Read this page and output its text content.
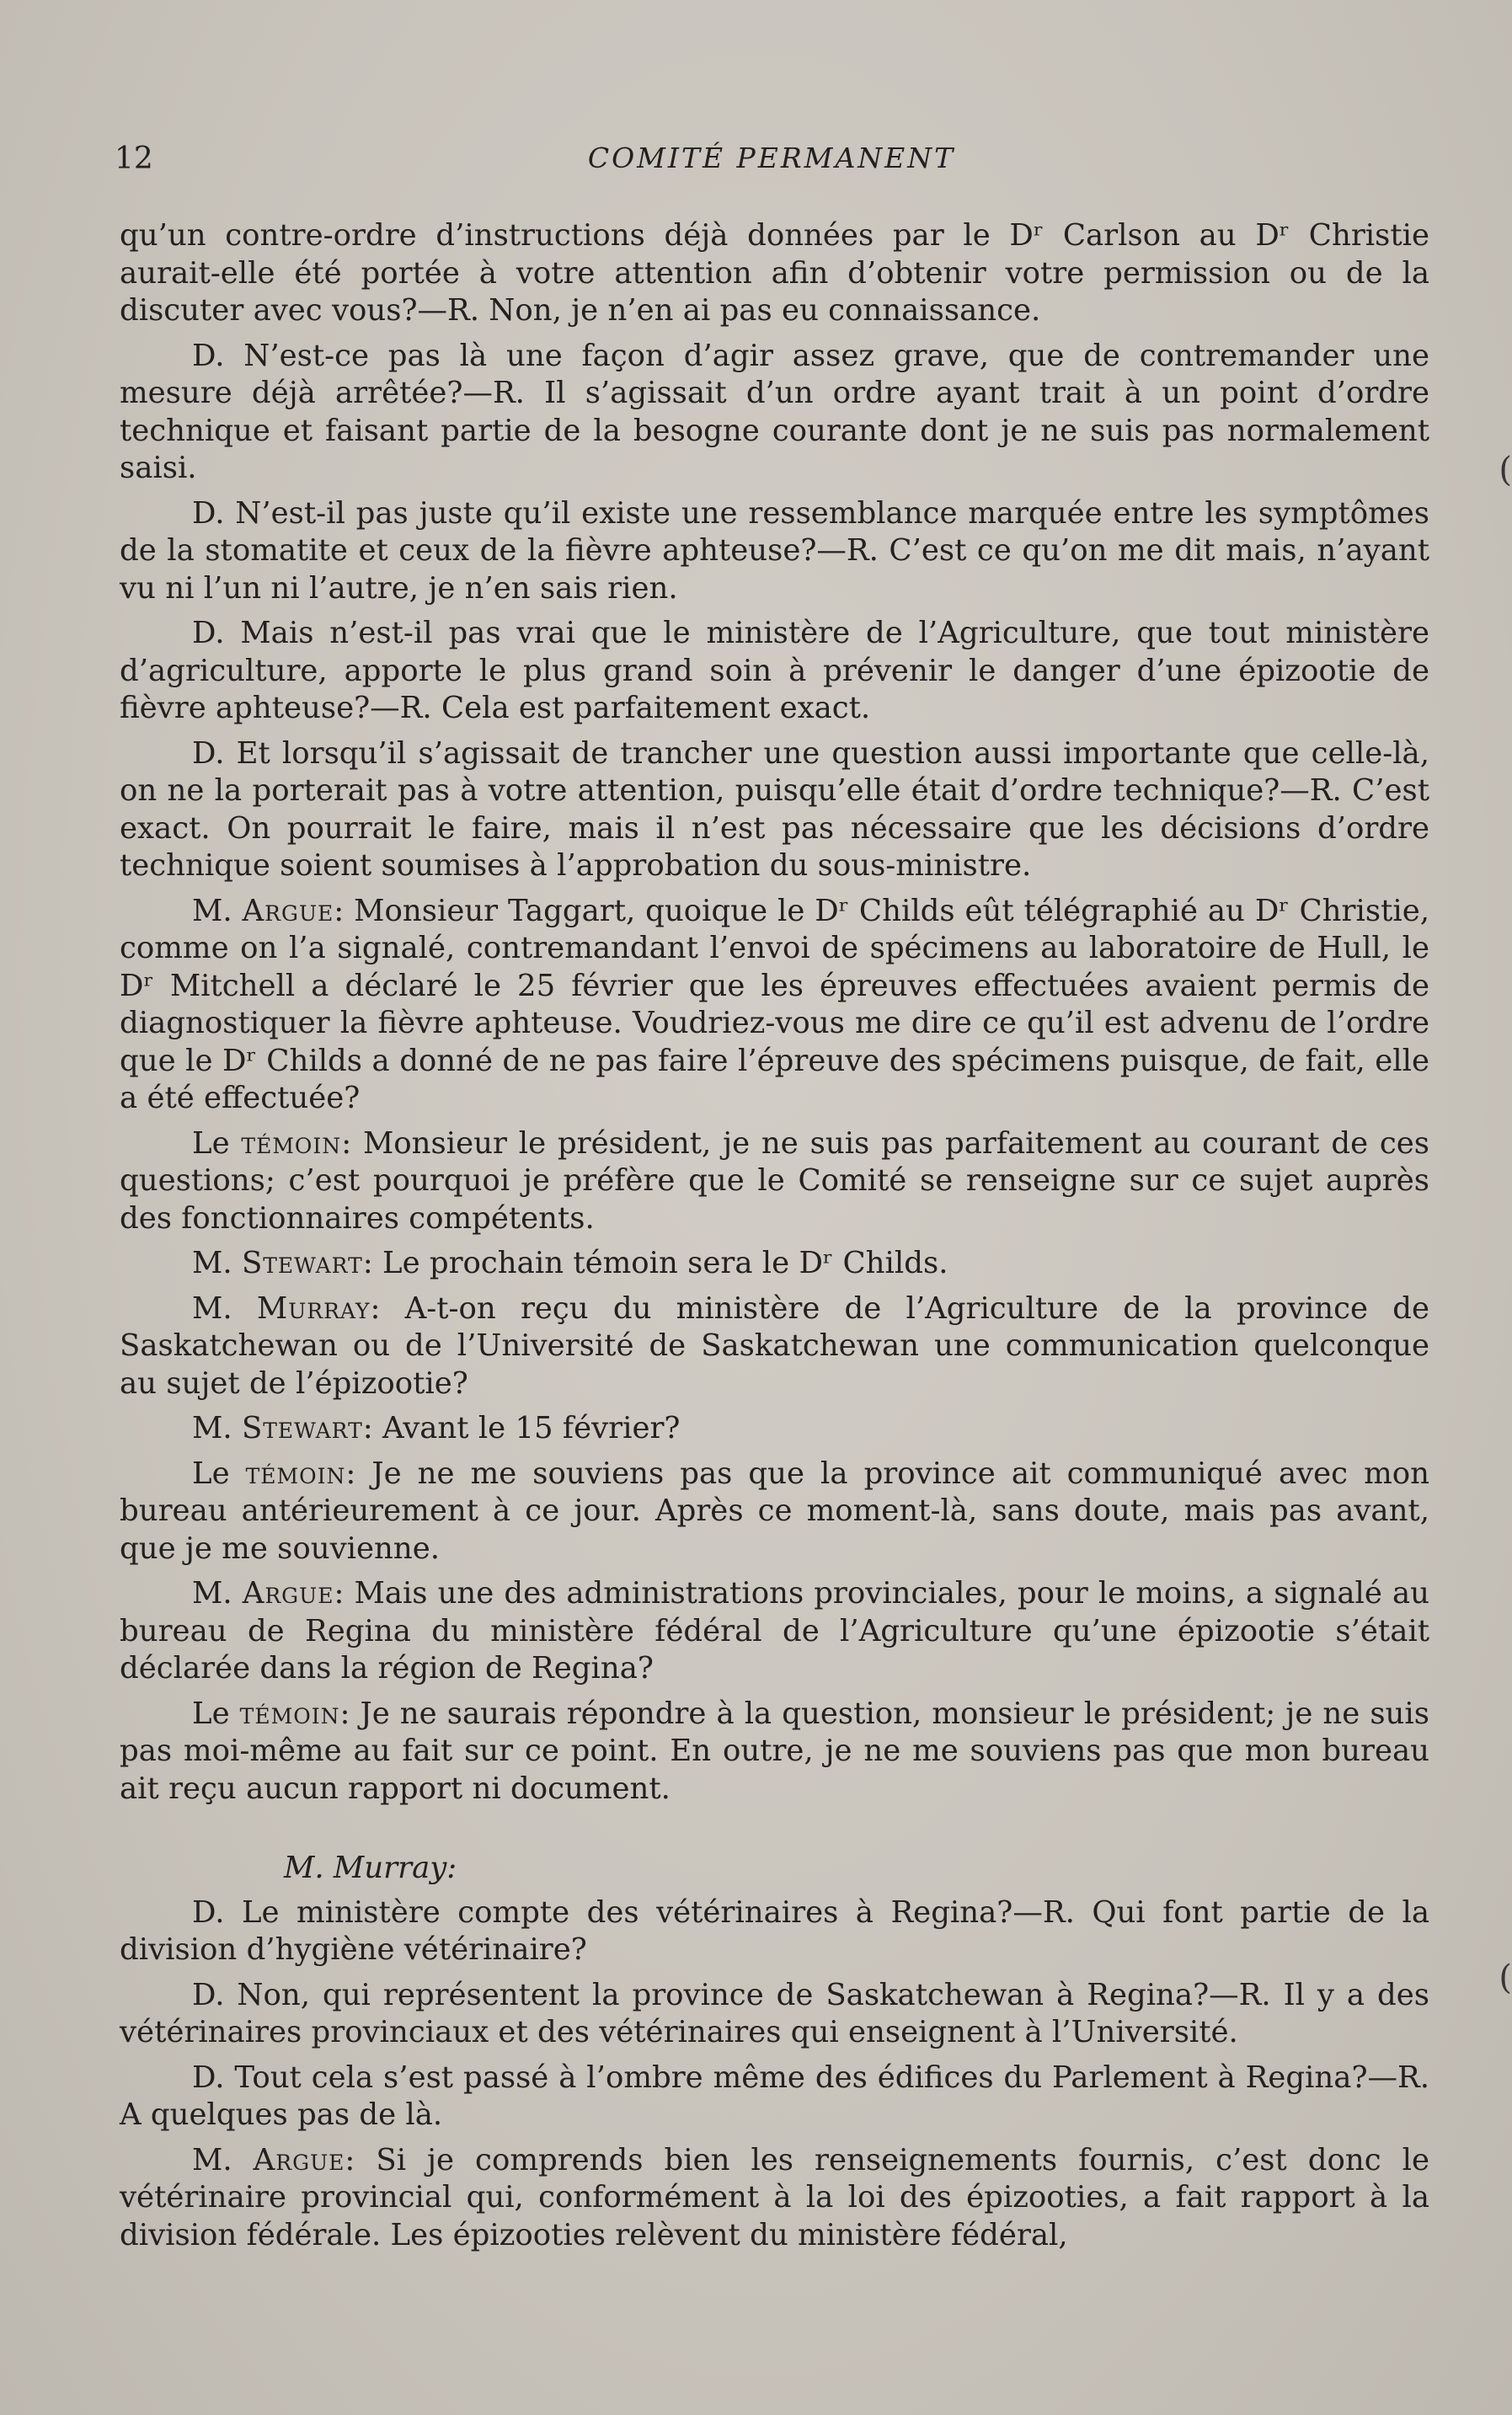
12	COMITÉ PERMANENT
(
(

qu’un contre-ordre d’instructions déjà données par le Dʳ Carlson au Dʳ Christie aurait-elle été portée à votre attention afin d’obtenir votre permission ou de la discuter avec vous?—R. Non, je n’en ai pas eu connaissance.

D. N’est-ce pas là une façon d’agir assez grave, que de contremander une mesure déjà arrêtée?—R. Il s’agissait d’un ordre ayant trait à un point d’ordre technique et faisant partie de la besogne courante dont je ne suis pas normalement saisi.

D. N’est-il pas juste qu’il existe une ressemblance marquée entre les symptômes de la stomatite et ceux de la fièvre aphteuse?—R. C’est ce qu’on me dit mais, n’ayant vu ni l’un ni l’autre, je n’en sais rien.

D. Mais n’est-il pas vrai que le ministère de l’Agriculture, que tout ministère d’agriculture, apporte le plus grand soin à prévenir le danger d’une épizootie de fièvre aphteuse?—R. Cela est parfaitement exact.

D. Et lorsqu’il s’agissait de trancher une question aussi importante que celle-là, on ne la porterait pas à votre attention, puisqu’elle était d’ordre technique?—R. C’est exact. On pourrait le faire, mais il n’est pas nécessaire que les décisions d’ordre technique soient soumises à l’approbation du sous-ministre.

M. Argue: Monsieur Taggart, quoique le Dʳ Childs eût télégraphié au Dʳ Christie, comme on l’a signalé, contremandant l’envoi de spécimens au laboratoire de Hull, le Dʳ Mitchell a déclaré le 25 février que les épreuves effectuées avaient permis de diagnostiquer la fièvre aphteuse. Voudriez-vous me dire ce qu’il est advenu de l’ordre que le Dʳ Childs a donné de ne pas faire l’épreuve des spécimens puisque, de fait, elle a été effectuée?

Le témoin: Monsieur le président, je ne suis pas parfaitement au courant de ces questions; c’est pourquoi je préfère que le Comité se renseigne sur ce sujet auprès des fonctionnaires compétents.

M. Stewart: Le prochain témoin sera le Dʳ Childs.

M. Murray: A-t-on reçu du ministère de l’Agriculture de la province de Saskatchewan ou de l’Université de Saskatchewan une communication quelconque au sujet de l’épizootie?

M. Stewart: Avant le 15 février?

Le témoin: Je ne me souviens pas que la province ait communiqué avec mon bureau antérieurement à ce jour. Après ce moment-là, sans doute, mais pas avant, que je me souvienne.

M. Argue: Mais une des administrations provinciales, pour le moins, a signalé au bureau de Regina du ministère fédéral de l’Agriculture qu’une épizootie s’était déclarée dans la région de Regina?

Le témoin: Je ne saurais répondre à la question, monsieur le président; je ne suis pas moi-même au fait sur ce point. En outre, je ne me souviens pas que mon bureau ait reçu aucun rapport ni document.

M. Murray:

D. Le ministère compte des vétérinaires à Regina?—R. Qui font partie de la division d’hygiène vétérinaire?

D. Non, qui représentent la province de Saskatchewan à Regina?—R. Il y a des vétérinaires provinciaux et des vétérinaires qui enseignent à l’Université.

D. Tout cela s’est passé à l’ombre même des édifices du Parlement à Regina?—R. A quelques pas de là.

M. Argue: Si je comprends bien les renseignements fournis, c’est donc le vétérinaire provincial qui, conformément à la loi des épizooties, a fait rapport à la division fédérale. Les épizooties relèvent du ministère fédéral,
